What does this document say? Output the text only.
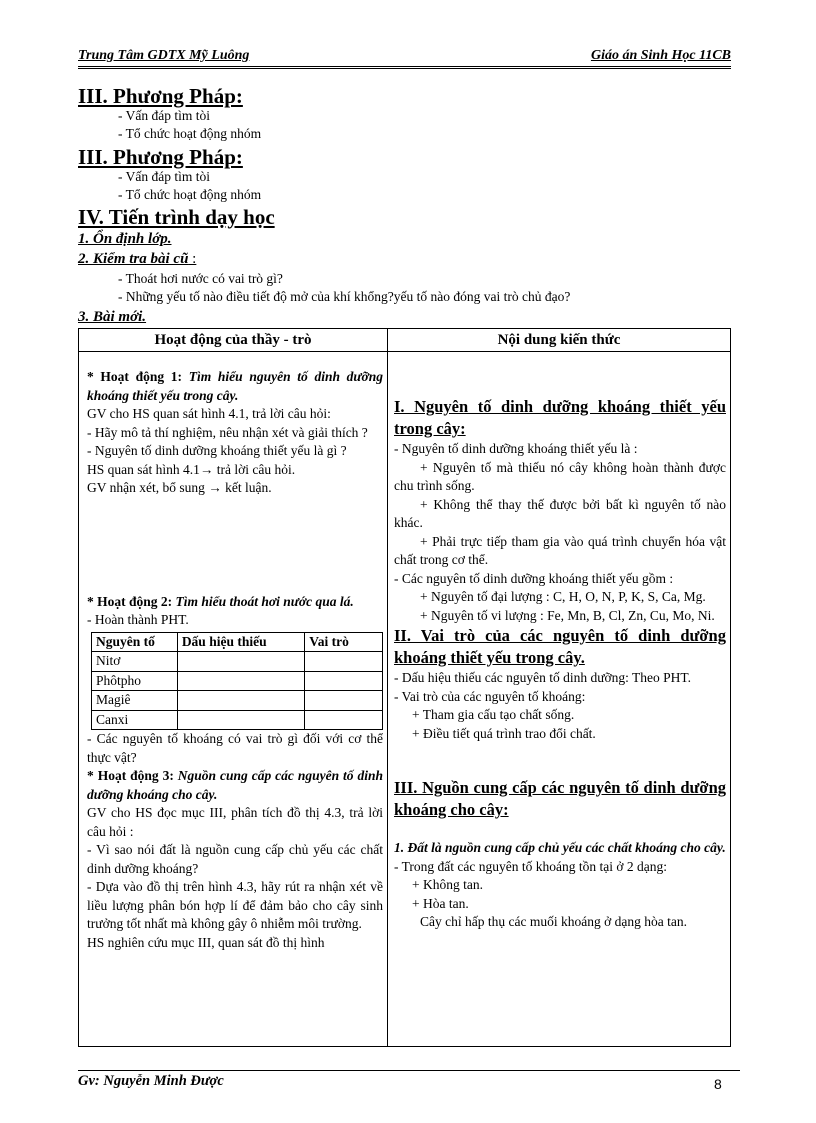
Trung Tâm GDTX Mỹ Luông	Giáo án Sinh Học 11CB
III. Phương Pháp:
- Vấn đáp tìm tòi
- Tổ chức hoạt động nhóm
III. Phương Pháp:
- Vấn đáp tìm tòi
- Tổ chức hoạt động nhóm
IV. Tiến trình dạy học
1. Ổn định lớp.
2. Kiểm tra bài cũ :
- Thoát hơi nước có vai trò gì?
- Những yếu tố nào điều tiết độ mở của khí khổng?yếu tố nào đóng vai trò chủ đạo?
3. Bài mới.
Hoạt động của thầy - trò	Nội dung kiến thức

* Hoạt động 1: Tìm hiểu nguyên tố dinh dưỡng khoáng thiết yếu trong cây.

GV cho HS quan sát hình 4.1, trả lời câu hỏi:

- Hãy mô tả thí nghiệm, nêu nhận xét và giải thích ?

- Nguyên tố dinh dưỡng khoáng thiết yếu là gì ?

HS quan sát hình 4.1→ trả lời câu hỏi.

GV nhận xét, bổ sung → kết luận.

* Hoạt động 2: Tìm hiểu thoát hơi nước qua lá.

- Hoàn thành PHT.

Nguyên tố	Dấu hiệu thiếu	Vai trò
Nitơ		
Phôtpho		
Magiê		
Canxi		

- Các nguyên tố khoáng có vai trò gì đối với cơ thể thực vật?

* Hoạt động 3: Nguồn cung cấp các nguyên tố dinh dưỡng khoáng cho cây.

GV cho HS đọc mục III, phân tích đồ thị 4.3, trả lời câu hỏi :

- Vì sao nói đất là nguồn cung cấp chủ yếu các chất dinh dưỡng khoáng?

- Dựa vào đồ thị trên hình 4.3, hãy rút ra nhận xét về liều lượng phân bón hợp lí để đảm bảo cho cây sinh trưởng tốt nhất mà không gây ô nhiễm môi trường.

HS nghiên cứu mục III, quan sát đồ thị hình

I. Nguyên tố dinh dưỡng khoáng thiết yếu trong cây:

- Nguyên tố dinh dưỡng khoáng thiết yếu là :

+ Nguyên tố mà thiếu nó cây không hoàn thành được chu trình sống.

+ Không thể thay thế được bởi bất kì nguyên tố nào khác.

+ Phải trực tiếp tham gia vào quá trình chuyển hóa vật chất trong cơ thể.

- Các nguyên tố dinh dưỡng khoáng thiết yếu gồm :

+ Nguyên tố đại lượng : C, H, O, N, P, K, S, Ca, Mg.

+ Nguyên tố vi lượng : Fe, Mn, B, Cl, Zn, Cu, Mo, Ni.

II. Vai trò của các nguyên tố dinh dưỡng khoáng thiết yếu trong cây.

- Dấu hiệu thiếu các nguyên tố dinh dưỡng: Theo PHT.

- Vai trò của các nguyên tố khoáng:

+ Tham gia cấu tạo chất sống.

+ Điều tiết quá trình trao đổi chất.

III. Nguồn cung cấp các nguyên tố dinh dưỡng khoáng cho cây:

1. Đất là nguồn cung cấp chủ yếu các chất khoáng cho cây.

- Trong đất các nguyên tố khoáng tồn tại ở 2 dạng:

+ Không tan.

+ Hòa tan.

Cây chỉ hấp thụ các muối khoáng ở dạng hòa tan.

Gv: Nguyễn Minh Được	8
